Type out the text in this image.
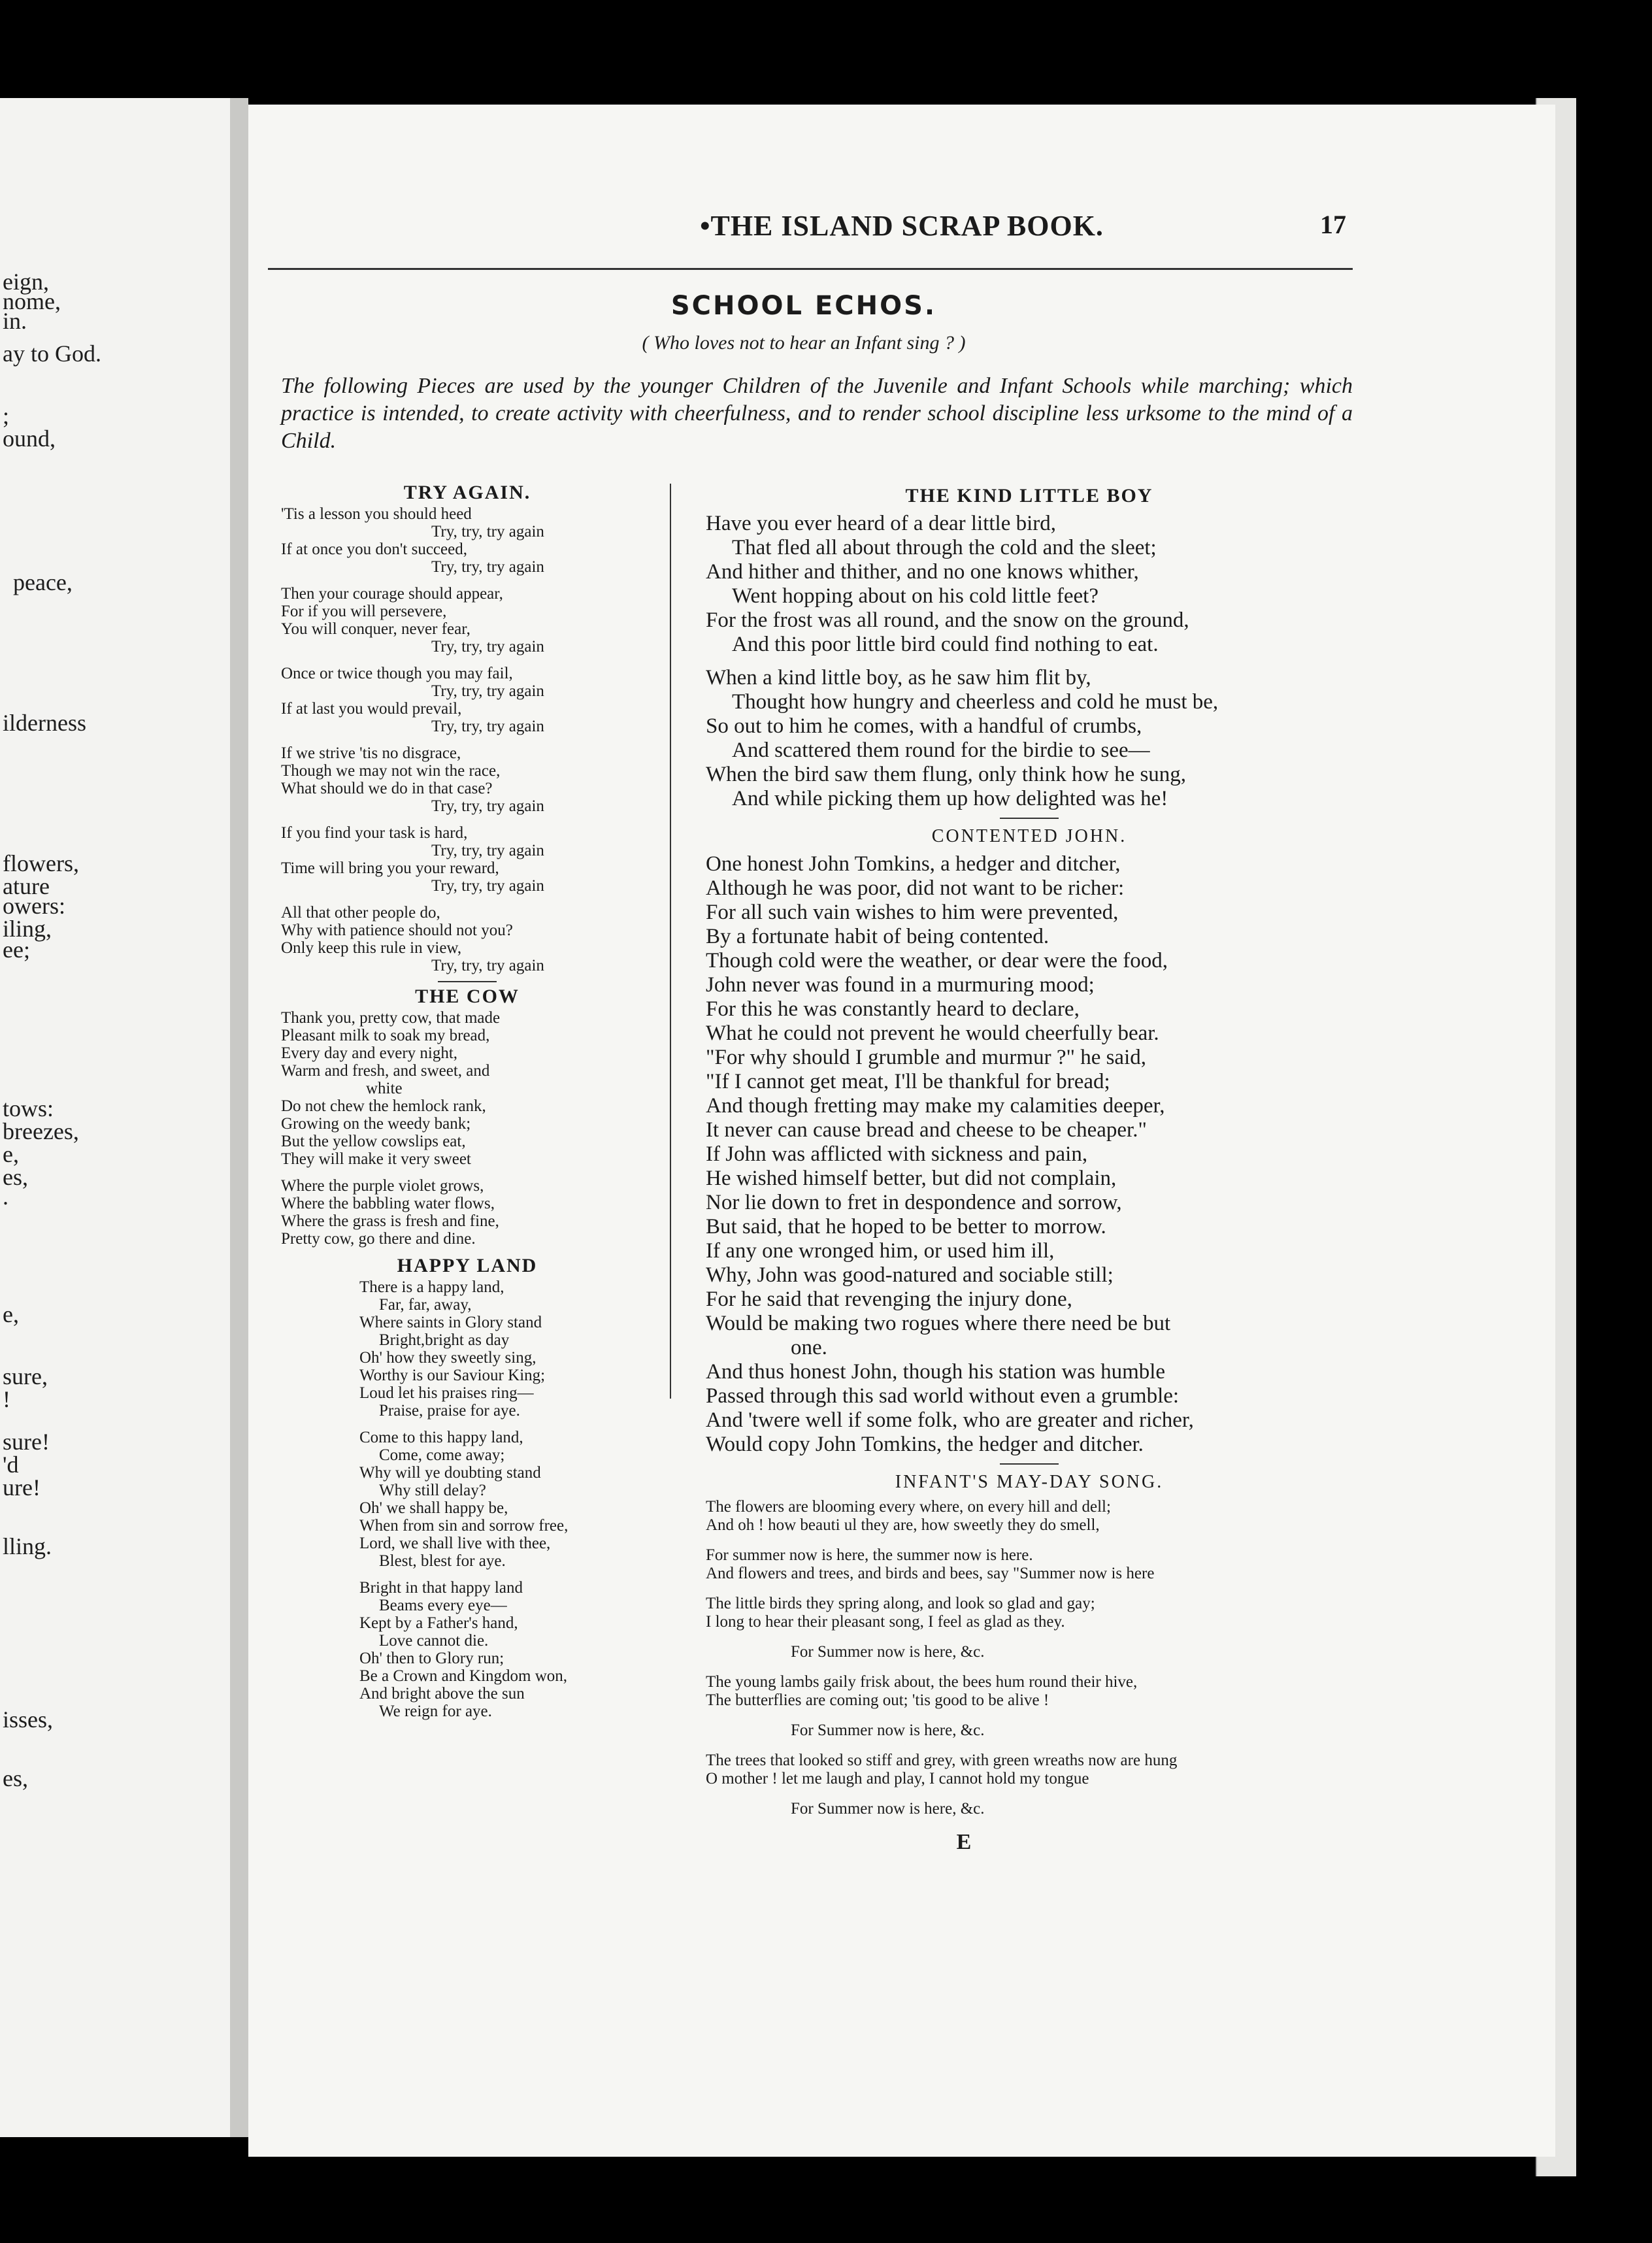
eign,
nome,
in.
ay to God.
;
ound,
peace,
ilderness
flowers,
ature
owers:
iling,
ee;
tows:
breezes,
e,
es,
.
e,
sure,
!
sure!
'd
ure!
lling.
isses,
es,
•THE ISLAND SCRAP BOOK.	17
SCHOOL ECHOS.
( Who loves not to hear an Infant sing ? )
The following Pieces are used by the younger Children of the Juvenile and Infant Schools while marching; which practice is intended, to create activity with cheerfulness, and to render school discipline less urksome to the mind of a Child.
TRY AGAIN.
'Tis a lesson you should heed
Try, try, try again
If at once you don't succeed,
Try, try, try again
Then your courage should appear,
For if you will persevere,
You will conquer, never fear,
Try, try, try again
Once or twice though you may fail,
Try, try, try again
If at last you would prevail,
Try, try, try again
If we strive 'tis no disgrace,
Though we may not win the race,
What should we do in that case?
Try, try, try again
If you find your task is hard,
Try, try, try again
Time will bring you your reward,
Try, try, try again
All that other people do,
Why with patience should not you?
Only keep this rule in view,
Try, try, try again
THE COW
Thank you, pretty cow, that made
Pleasant milk to soak my bread,
Every day and every night,
Warm and fresh, and sweet, and
white
Do not chew the hemlock rank,
Growing on the weedy bank;
But the yellow cowslips eat,
They will make it very sweet
Where the purple violet grows,
Where the babbling water flows,
Where the grass is fresh and fine,
Pretty cow, go there and dine.
HAPPY LAND
There is a happy land,
Far, far, away,
Where saints in Glory stand
Bright,bright as day
Oh' how they sweetly sing,
Worthy is our Saviour King;
Loud let his praises ring—
Praise, praise for aye.
Come to this happy land,
Come, come away;
Why will ye doubting stand
Why still delay?
Oh' we shall happy be,
When from sin and sorrow free,
Lord, we shall live with thee,
Blest, blest for aye.
Bright in that happy land
Beams every eye—
Kept by a Father's hand,
Love cannot die.
Oh' then to Glory run;
Be a Crown and Kingdom won,
And bright above the sun
We reign for aye.
THE KIND LITTLE BOY
Have you ever heard of a dear little bird,
That fled all about through the cold and the sleet;
And hither and thither, and no one knows whither,
Went hopping about on his cold little feet?
For the frost was all round, and the snow on the ground,
And this poor little bird could find nothing to eat.
When a kind little boy, as he saw him flit by,
Thought how hungry and cheerless and cold he must be,
So out to him he comes, with a handful of crumbs,
And scattered them round for the birdie to see—
When the bird saw them flung, only think how he sung,
And while picking them up how delighted was he!
CONTENTED JOHN.
One honest John Tomkins, a hedger and ditcher,
Although he was poor, did not want to be richer:
For all such vain wishes to him were prevented,
By a fortunate habit of being contented.
Though cold were the weather, or dear were the food,
John never was found in a murmuring mood;
For this he was constantly heard to declare,
What he could not prevent he would cheerfully bear.
"For why should I grumble and murmur ?" he said,
"If I cannot get meat, I'll be thankful for bread;
And though fretting may make my calamities deeper,
It never can cause bread and cheese to be cheaper."
If John was afflicted with sickness and pain,
He wished himself better, but did not complain,
Nor lie down to fret in despondence and sorrow,
But said, that he hoped to be better to morrow.
If any one wronged him, or used him ill,
Why, John was good-natured and sociable still;
For he said that revenging the injury done,
Would be making two rogues where there need be but
one.
And thus honest John, though his station was humble
Passed through this sad world without even a grumble:
And 'twere well if some folk, who are greater and richer,
Would copy John Tomkins, the hedger and ditcher.
INFANT'S MAY-DAY SONG.
The flowers are blooming every where, on every hill and dell;
And oh ! how beauti ul they are, how sweetly they do smell,
For summer now is here, the summer now is here.
And flowers and trees, and birds and bees, say "Summer now is here
The little birds they spring along, and look so glad and gay;
I long to hear their pleasant song, I feel as glad as they.
For Summer now is here, &c.
The young lambs gaily frisk about, the bees hum round their hive,
The butterflies are coming out; 'tis good to be alive !
For Summer now is here, &c.
The trees that looked so stiff and grey, with green wreaths now are hung
O mother ! let me laugh and play, I cannot hold my tongue
For Summer now is here, &c.
E
